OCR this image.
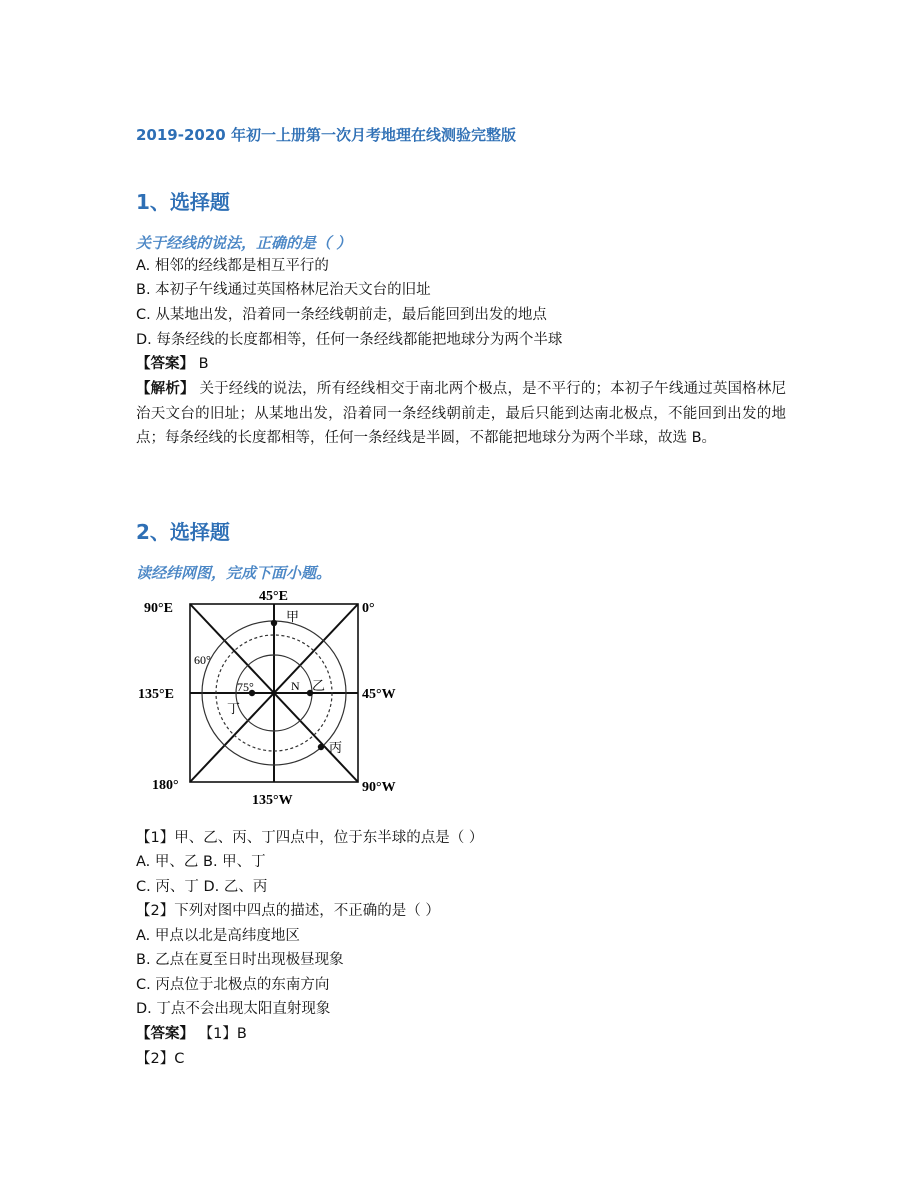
2019-2020 年初一上册第一次月考地理在线测验完整版
1、选择题
关于经线的说法，正确的是（ ）
A. 相邻的经线都是相互平行的
B. 本初子午线通过英国格林尼治天文台的旧址
C. 从某地出发，沿着同一条经线朝前走，最后能回到出发的地点
D. 每条经线的长度都相等，任何一条经线都能把地球分为两个半球
【答案】 B
【解析】 关于经线的说法，所有经线相交于南北两个极点，是不平行的；本初子午线通过英国格林尼治天文台的旧址；从某地出发，沿着同一条经线朝前走，最后只能到达南北极点，不能回到出发的地点；每条经线的长度都相等，任何一条经线是半圆，不都能把地球分为两个半球，故选 B。
2、选择题
读经纬网图，完成下面小题。
45°E
90°E	0°
135°E	45°W
180°
135°W
90°W
60°
75°	N
甲
乙
丙
丁
【1】甲、乙、丙、丁四点中，位于东半球的点是（ ）
A. 甲、乙 B. 甲、丁
C. 丙、丁 D. 乙、丙
【2】下列对图中四点的描述，不正确的是（ ）
A. 甲点以北是高纬度地区
B. 乙点在夏至日时出现极昼现象
C. 丙点位于北极点的东南方向
D. 丁点不会出现太阳直射现象
【答案】 【1】B
【2】C
